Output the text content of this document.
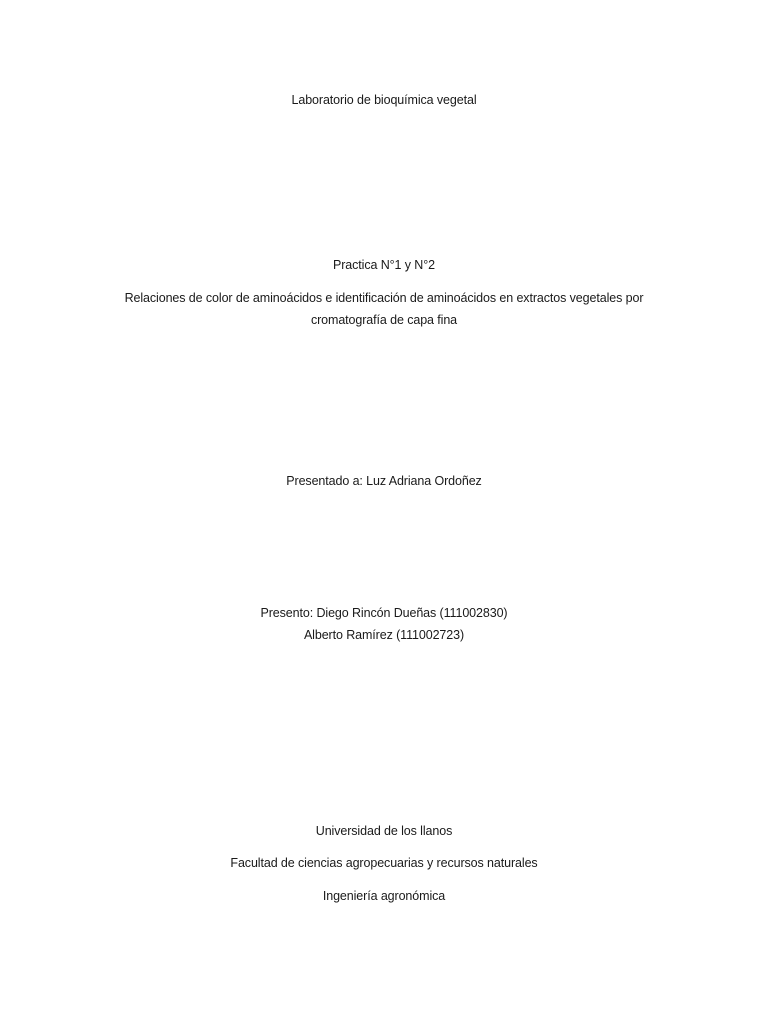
Laboratorio de bioquímica vegetal
Practica N°1 y N°2
Relaciones de color de aminoácidos e identificación de aminoácidos en extractos vegetales por
cromatografía de capa fina
Presentado a: Luz Adriana Ordoñez
Presento: Diego Rincón Dueñas (111002830)
Alberto Ramírez (111002723)
Universidad de los llanos
Facultad de ciencias agropecuarias y recursos naturales
Ingeniería agronómica
